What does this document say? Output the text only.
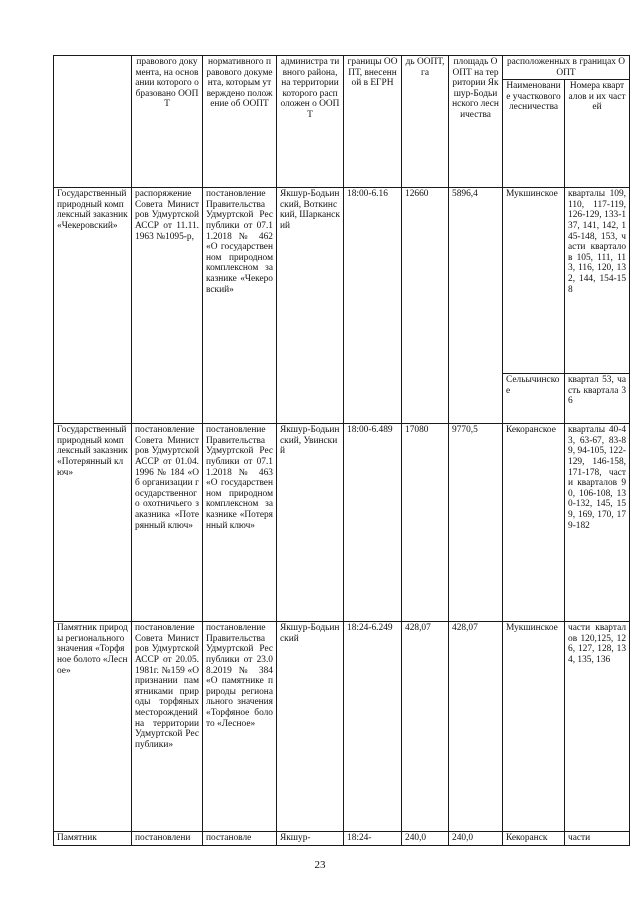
	правового документа, на основании которого образовано ООПТ	нормативного правового документа, которым утверждено положение об ООПТ	администра тивного района, на территории которого расположен о ООПТ	границы ООПТ, внесенной в ЕГРН	дь ООПТ, га	площадь ООПТ на территории Якшур-Бодьинского лесничества	расположенных в границах ООПТ	
							Наименование участкового лесничества	Номера кварталов и их частей
Государственный природный комплексный заказник «Чекеровский»	распоряжение Совета Министров Удмуртской АССР от 11.11.1963 №1095-р,	постановление Правительства Удмуртской Республики от 07.11.2018 № 462 «О государственном природном комплексном заказнике «Чекеровский»	Якшур-Бодьинский, Воткинский, Шарканский	18:00-6.16	12660	5896,4	Мукшинское	кварталы 109, 110, 117-119, 126-129, 133-137, 141, 142, 145-148, 153, части кварталов 105, 111, 113, 116, 120, 132, 144, 154-158
							Сельычинское	квартал 53, часть квартала 36
Государственный природный комплексный заказник «Потерянный ключ»	постановление Совета Министров Удмуртской АССР от 01.04.1996 № 184 «Об организации государственного охотничьего заказника «Потерянный ключ»	постановление Правительства Удмуртской Республики от 07.11.2018 № 463 «О государственном природном комплексном заказнике «Потерянный ключ»	Якшур-Бодьинский, Увинский	18:00-6.489	17080	9770,5	Кекоранское	кварталы 40-43, 63-67, 83-89, 94-105, 122-129, 146-158, 171-178, части кварталов 90, 106-108, 130-132, 145, 159, 169, 170, 179-182
Памятник природы регионального значения «Торфяное болото «Лесное»	постановление Совета Министров Удмуртской АССР от 20.05.1981г. №159 «О признании памятниками природы торфяных месторождений на территории Удмуртской Республики»	постановление Правительства Удмуртской Республики от 23.08.2019 № 384 «О памятнике природы регионального значения «Торфяное болото «Лесное»	Якшур-Бодьинский	18:24-6.249	428,07	428,07	Мукшинское	части кварталов 120,125, 126, 127, 128, 134, 135, 136
Памятник	постановлени	постановле	Якшур-	18:24-	240,0	240,0	Кекоранск	части
23
